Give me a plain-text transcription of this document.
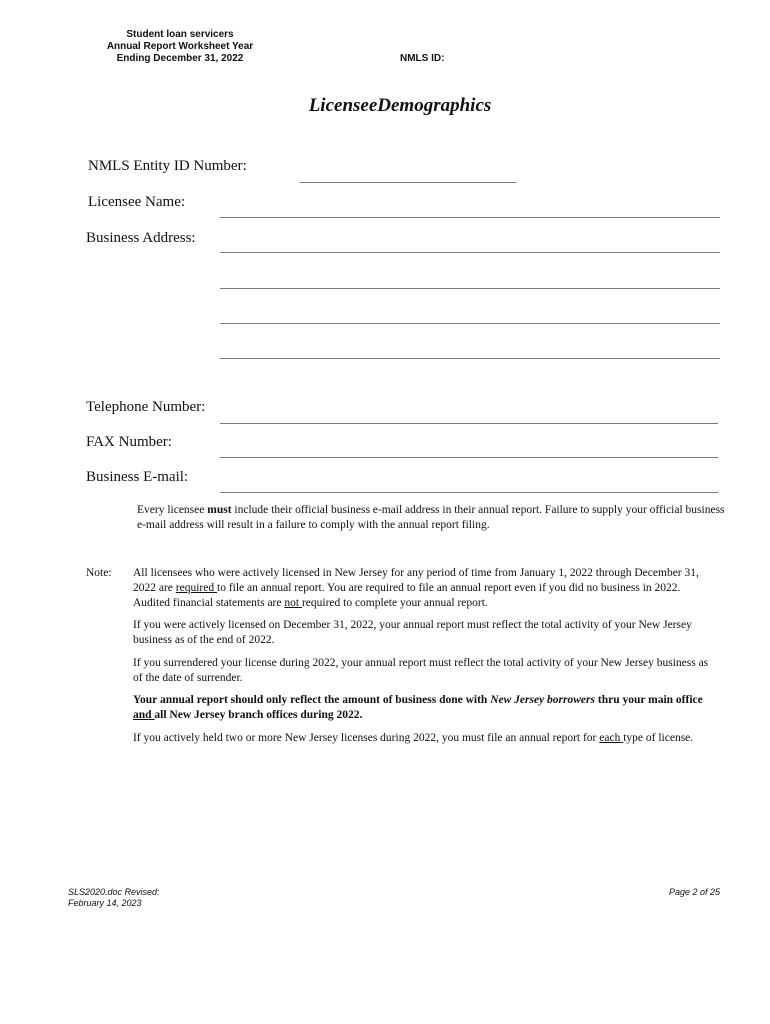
Student loan servicers
Annual Report Worksheet Year
Ending December 31, 2022	NMLS ID:
LicenseeDemographics
NMLS Entity ID Number:
Licensee Name:
Business Address:
Telephone Number:
FAX Number:
Business E-mail:
Every licensee must include their official business e-mail address in their annual report. Failure to supply your official business e-mail address will result in a failure to comply with the annual report filing.
Note: All licensees who were actively licensed in New Jersey for any period of time from January 1, 2022 through December 31, 2022 are required to file an annual report. You are required to file an annual report even if you did no business in 2022. Audited financial statements are not required to complete your annual report.
If you were actively licensed on December 31, 2022, your annual report must reflect the total activity of your New Jersey business as of the end of 2022.
If you surrendered your license during 2022, your annual report must reflect the total activity of your New Jersey business as of the date of surrender.
Your annual report should only reflect the amount of business done with New Jersey borrowers thru your main office and all New Jersey branch offices during 2022.
If you actively held two or more New Jersey licenses during 2022, you must file an annual report for each type of license.
SLS2020.doc Revised:
February 14, 2023
Page 2 of 25
